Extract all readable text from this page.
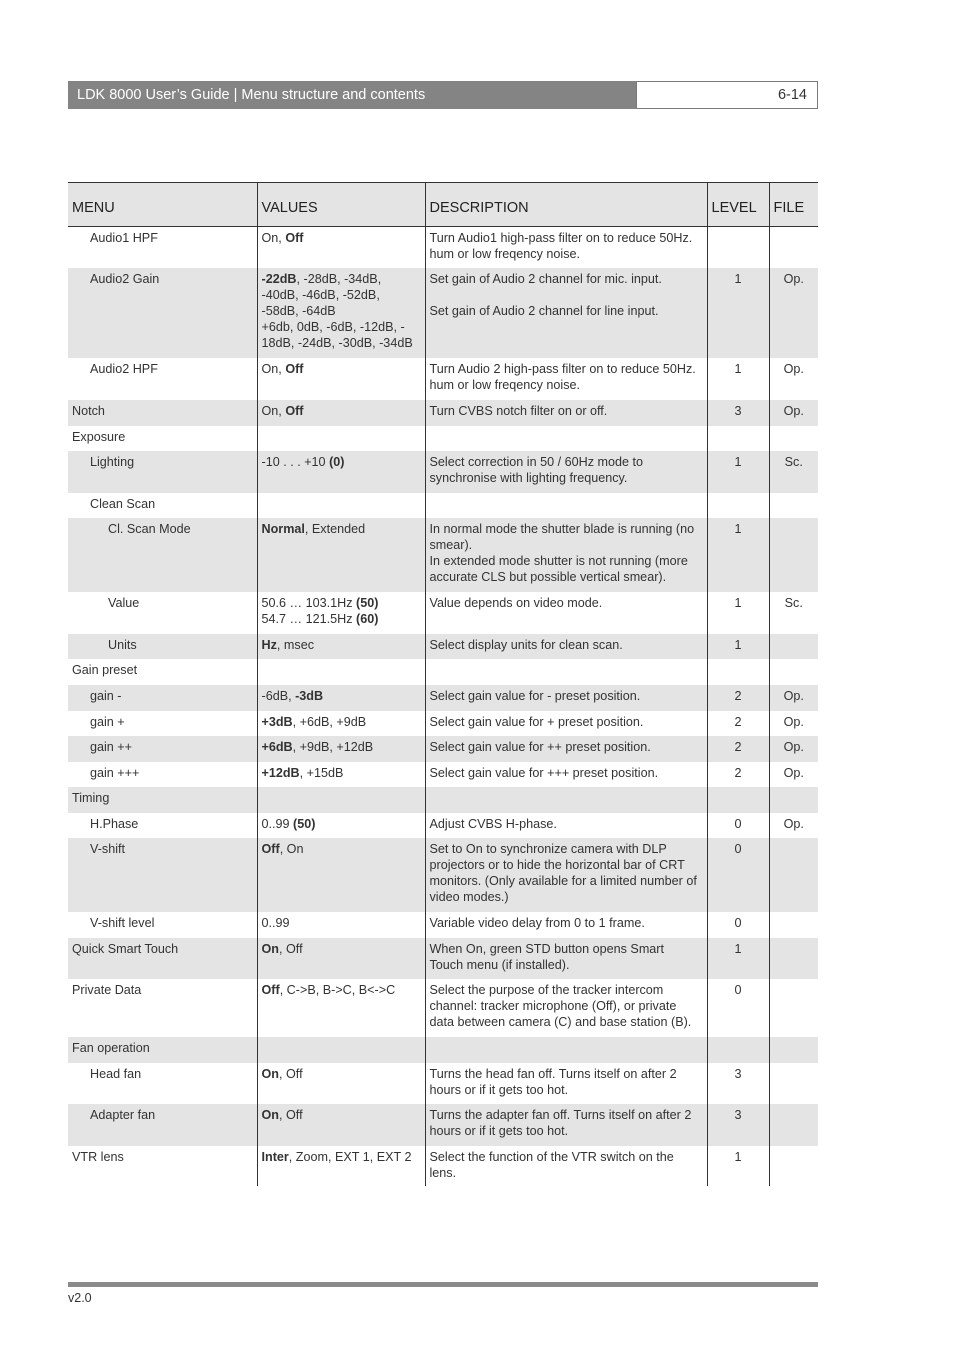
LDK 8000 User’s Guide | Menu structure and contents	6-14
MENU	VALUES	DESCRIPTION	LEVEL	FILE
Audio1 HPF	On, Off	Turn Audio1 high-pass filter on to reduce 50Hz.
hum or low freqency noise.		
Audio2 Gain	-22dB, -28dB, -34dB,
-40dB, -46dB, -52dB,
-58dB, -64dB
+6db, 0dB, -6dB, -12dB, -
18dB, -24dB, -30dB, -34dB	Set gain of Audio 2 channel for mic. input.

Set gain of Audio 2 channel for line input.	1	Op.
Audio2 HPF	On, Off	Turn Audio 2 high-pass filter on to reduce 50Hz.
hum or low freqency noise.	1	Op.
Notch	On, Off	Turn CVBS notch filter on or off.	3	Op.
Exposure				
Lighting	-10 . . . +10 (0)	Select correction in 50 / 60Hz mode to
synchronise with lighting frequency.	1	Sc.
Clean Scan				
Cl. Scan Mode	Normal, Extended	In normal mode the shutter blade is running (no
smear).
In extended mode shutter is not running (more
accurate CLS but possible vertical smear).	1	
Value	50.6 … 103.1Hz (50)
54.7 … 121.5Hz (60)	Value depends on video mode.	1	Sc.
Units	Hz, msec	Select display units for clean scan.	1	
Gain preset				
gain -	-6dB, -3dB	Select gain value for - preset position.	2	Op.
gain +	+3dB, +6dB, +9dB	Select gain value for + preset position.	2	Op.
gain ++	+6dB, +9dB, +12dB	Select gain value for ++ preset position.	2	Op.
gain +++	+12dB, +15dB	Select gain value for +++ preset position.	2	Op.
Timing				
H.Phase	0..99 (50)	Adjust CVBS H-phase.	0	Op.
V-shift	Off, On	Set to On to synchronize camera with DLP
projectors or to hide the horizontal bar of CRT
monitors. (Only available for a limited number of
video modes.)	0	
V-shift level	0..99	Variable video delay from 0 to 1 frame.	0	
Quick Smart Touch	On, Off	When On, green STD button opens Smart
Touch menu (if installed).	1	
Private Data	Off, C->B, B->C, B<->C	Select the purpose of the tracker intercom
channel: tracker microphone (Off), or private
data between camera (C) and base station (B).	0	
Fan operation				
Head fan	On, Off	Turns the head fan off. Turns itself on after 2
hours or if it gets too hot.	3	
Adapter fan	On, Off	Turns the adapter fan off. Turns itself on after 2
hours or if it gets too hot.	3	
VTR lens	Inter, Zoom, EXT 1, EXT 2	Select the function of the VTR switch on the
lens.	1	
v2.0
